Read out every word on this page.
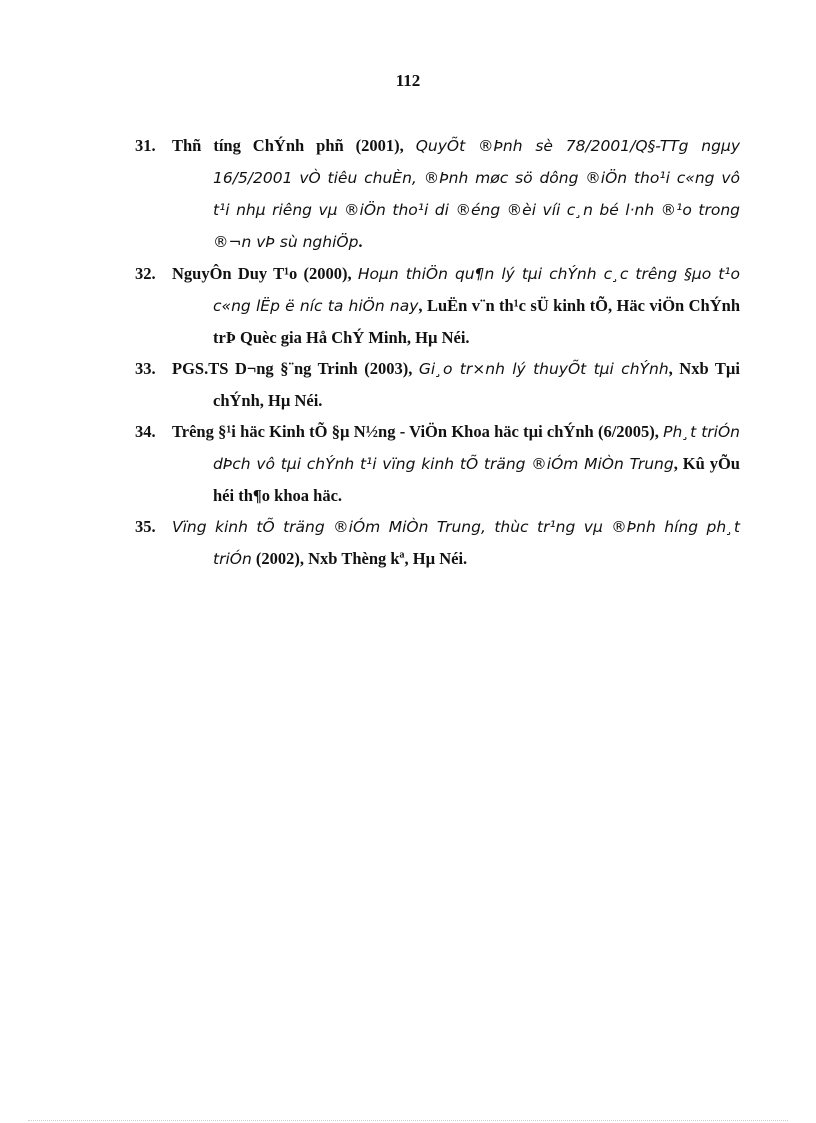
112

31. Thñ tíng ChÝnh phñ (2001), QuyÕt ®Þnh sè 78/2001/Q§-TTg ngµy 16/5/2001 vÒ tiêu chuÈn, ®Þnh møc sö dông ®iÖn tho¹i c«ng vô t¹i nhµ riêng vµ ®iÖn tho¹i di ®éng ®èi víi c¸n bé l·nh ®¹o trong ®¬n vÞ sù nghiÖp.

32. NguyÔn Duy T¹o (2000), Hoµn thiÖn qu¶n lý tµi chÝnh c¸c trêng §µo t¹o c«ng lËp ë níc ta hiÖn nay, LuËn v¨n th¹c sÜ kinh tÕ, Häc viÖn ChÝnh trÞ Quèc gia Hå ChÝ Minh, Hµ Néi.

33. PGS.TS D¬ng §¨ng Trinh (2003), Gi¸o tr×nh lý thuyÕt tµi chÝnh, Nxb Tµi chÝnh, Hµ Néi.

34. Trêng §¹i häc Kinh tÕ §µ N½ng - ViÖn Khoa häc tµi chÝnh (6/2005), Ph¸t triÓn dÞch vô tµi chÝnh t¹i vïng kinh tÕ träng ®iÓm MiÒn Trung, Kû yÕu héi th¶o khoa häc.

35. Vïng kinh tÕ träng ®iÓm MiÒn Trung, thùc tr¹ng vµ ®Þnh híng ph¸t triÓn (2002), Nxb Thèng kª, Hµ Néi.
